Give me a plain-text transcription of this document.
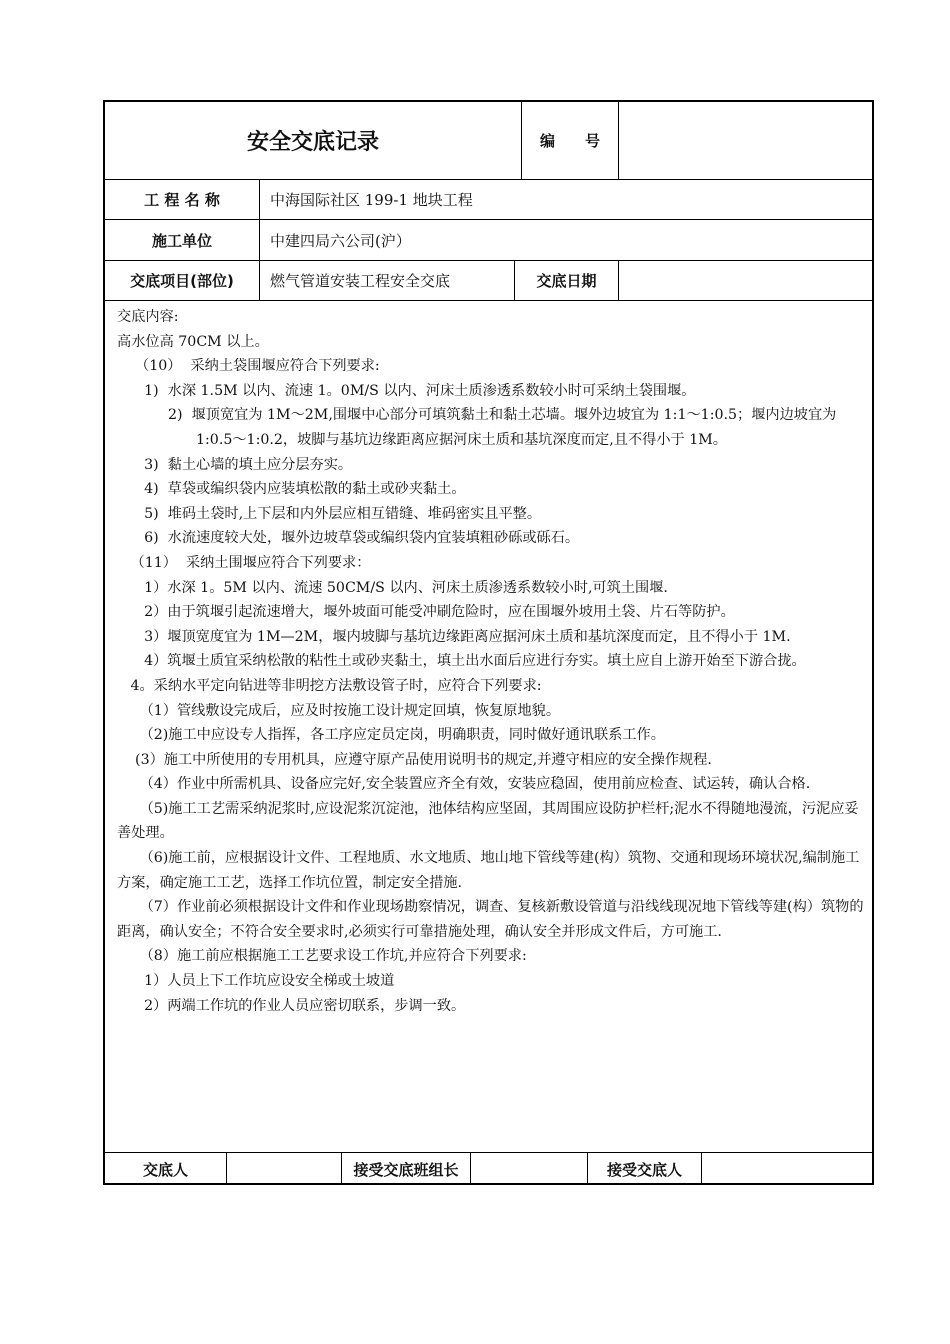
安全交底记录	编　　号
工 程 名 称	中海国际社区 199-1 地块工程
施工单位	中建四局六公司(沪）
交底项目(部位)	燃气管道安装工程安全交底	交底日期

交底内容:

高水位高 70CM 以上。

（10）  采纳土袋围堰应符合下列要求:

1)  水深 1.5M 以内、流速 1。0M/S 以内、河床土质渗透系数较小时可采纳土袋围堰。

2)  堰顶宽宜为 1M～2M,围堰中心部分可填筑黏土和黏土芯墙。堰外边坡宜为 1:1～1:0.5；堰内边坡宜为 1:0.5～1:0.2，坡脚与基坑边缘距离应据河床土质和基坑深度而定,且不得小于 1M。

3)  黏土心墙的填土应分层夯实。

4)  草袋或编织袋内应装填松散的黏土或砂夹黏土。

5)  堆码土袋时,上下层和内外层应相互错缝、堆码密实且平整。

6)  水流速度较大处，堰外边坡草袋或编织袋内宜装填粗砂砾或砾石。

（11）  采纳土围堰应符合下列要求：

1）水深 1。5M 以内、流速 50CM/S 以内、河床土质渗透系数较小时,可筑土围堰.

2）由于筑堰引起流速增大，堰外坡面可能受冲刷危险时，应在围堰外坡用土袋、片石等防护。

3）堰顶宽度宜为 1M—2M，堰内坡脚与基坑边缘距离应据河床土质和基坑深度而定，且不得小于 1M.

4）筑堰土质宜采纳松散的粘性土或砂夹黏土，填土出水面后应进行夯实。填土应自上游开始至下游合拢。

4。采纳水平定向钻进等非明挖方法敷设管子时，应符合下列要求:

（1）管线敷设完成后，应及时按施工设计规定回填，恢复原地貌。

（2)施工中应设专人指挥，各工序应定员定岗，明确职责，同时做好通讯联系工作。

(3）施工中所使用的专用机具，应遵守原产品使用说明书的规定,并遵守相应的安全操作规程.

（4）作业中所需机具、设备应完好,安全装置应齐全有效，安装应稳固，使用前应检查、试运转，确认合格.

（5)施工工艺需采纳泥浆时,应设泥浆沉淀池，池体结构应坚固，其周围应设防护栏杆;泥水不得随地漫流，污泥应妥善处理。

（6)施工前，应根据设计文件、工程地质、水文地质、地山地下管线等建(构）筑物、交通和现场环境状况,编制施工方案，确定施工工艺，选择工作坑位置，制定安全措施.

（7）作业前必须根据设计文件和作业现场勘察情况，调查、复核新敷设管道与沿线线现况地下管线等建(构）筑物的距离，确认安全；不符合安全要求时,必须实行可靠措施处理，确认安全并形成文件后，方可施工.

（8）施工前应根据施工工艺要求设工作坑,并应符合下列要求:

1）人员上下工作坑应设安全梯或土坡道

2）两端工作坑的作业人员应密切联系，步调一致。

交底人	接受交底班组长	接受交底人
